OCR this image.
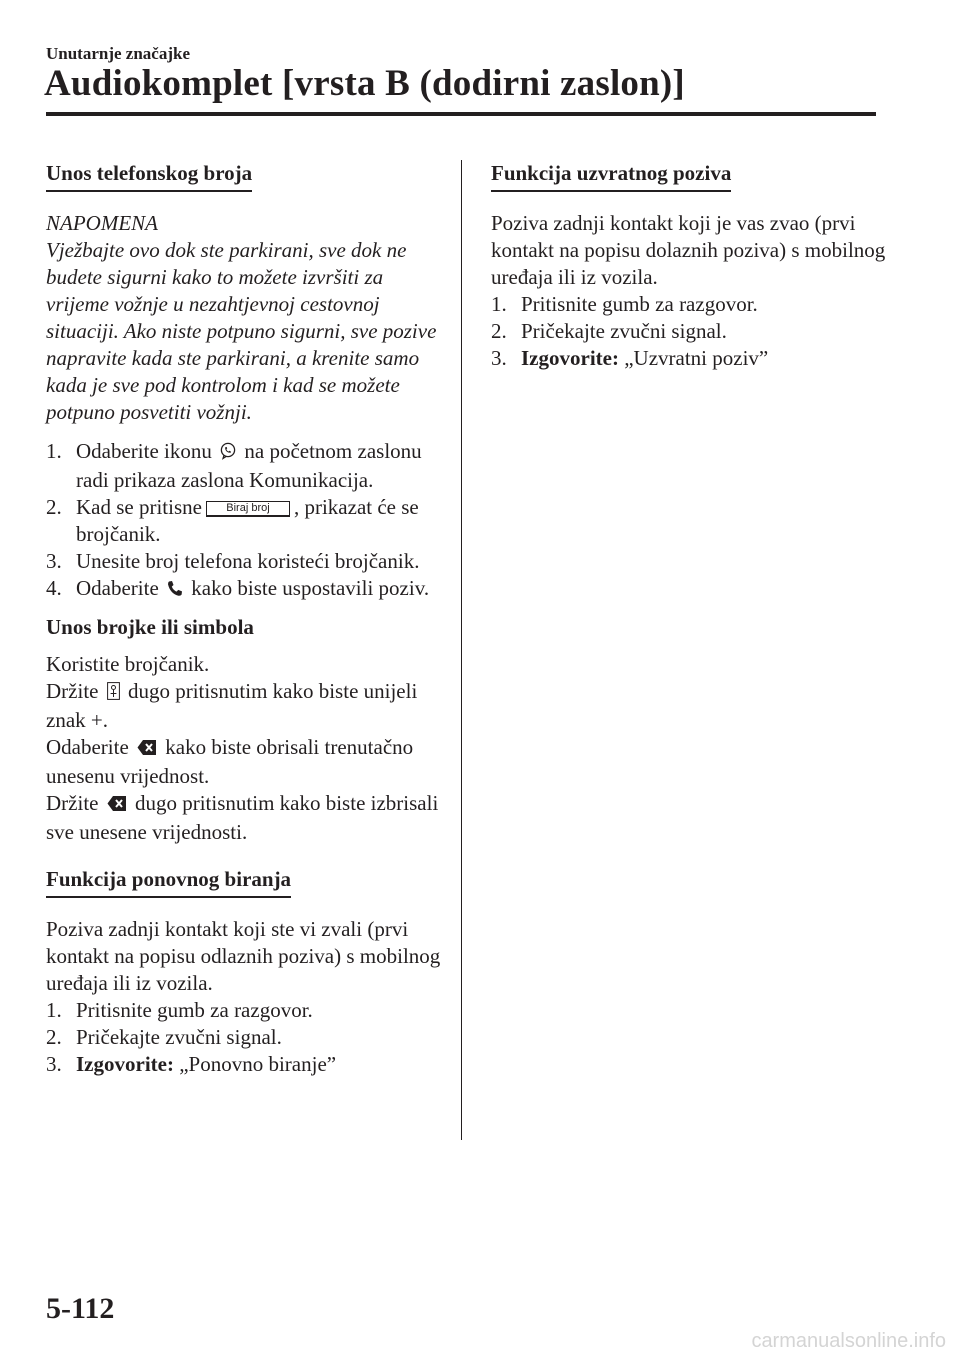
Unutarnje značajke
Audiokomplet [vrsta B (dodirni zaslon)]
Unos telefonskog broja

NAPOMENA

Vježbajte ovo dok ste parkirani, sve dok ne budete sigurni kako to možete izvršiti za vrijeme vožnje u nezahtjevnoj cestovnoj situaciji. Ako niste potpuno sigurni, sve pozive napravite kada ste parkirani, a krenite samo kada je sve pod kontrolom i kad se možete potpuno posvetiti vožnji.

1. Odaberite ikonu na početnom zaslonu radi prikaza zaslona Komunikacija.
2. Kad se pritisne Biraj broj , prikazat će se brojčanik.
3. Unesite broj telefona koristeći brojčanik.
4. Odaberite kako biste uspostavili poziv.

Unos brojke ili simbola

Koristite brojčanik.

Držite dugo pritisnutim kako biste unijeli znak +.

Odaberite kako biste obrisali trenutačno unesenu vrijednost.

Držite dugo pritisnutim kako biste izbrisali sve unesene vrijednosti.

Funkcija ponovnog biranja

Poziva zadnji kontakt koji ste vi zvali (prvi kontakt na popisu odlaznih poziva) s mobilnog uređaja ili iz vozila.

1. Pritisnite gumb za razgovor.
2. Pričekajte zvučni signal.
3. Izgovorite: „Ponovno biranje”
Funkcija uzvratnog poziva

Poziva zadnji kontakt koji je vas zvao (prvi kontakt na popisu dolaznih poziva) s mobilnog uređaja ili iz vozila.

1. Pritisnite gumb za razgovor.
2. Pričekajte zvučni signal.
3. Izgovorite: „Uzvratni poziv”
5-112
carmanualsonline.info
